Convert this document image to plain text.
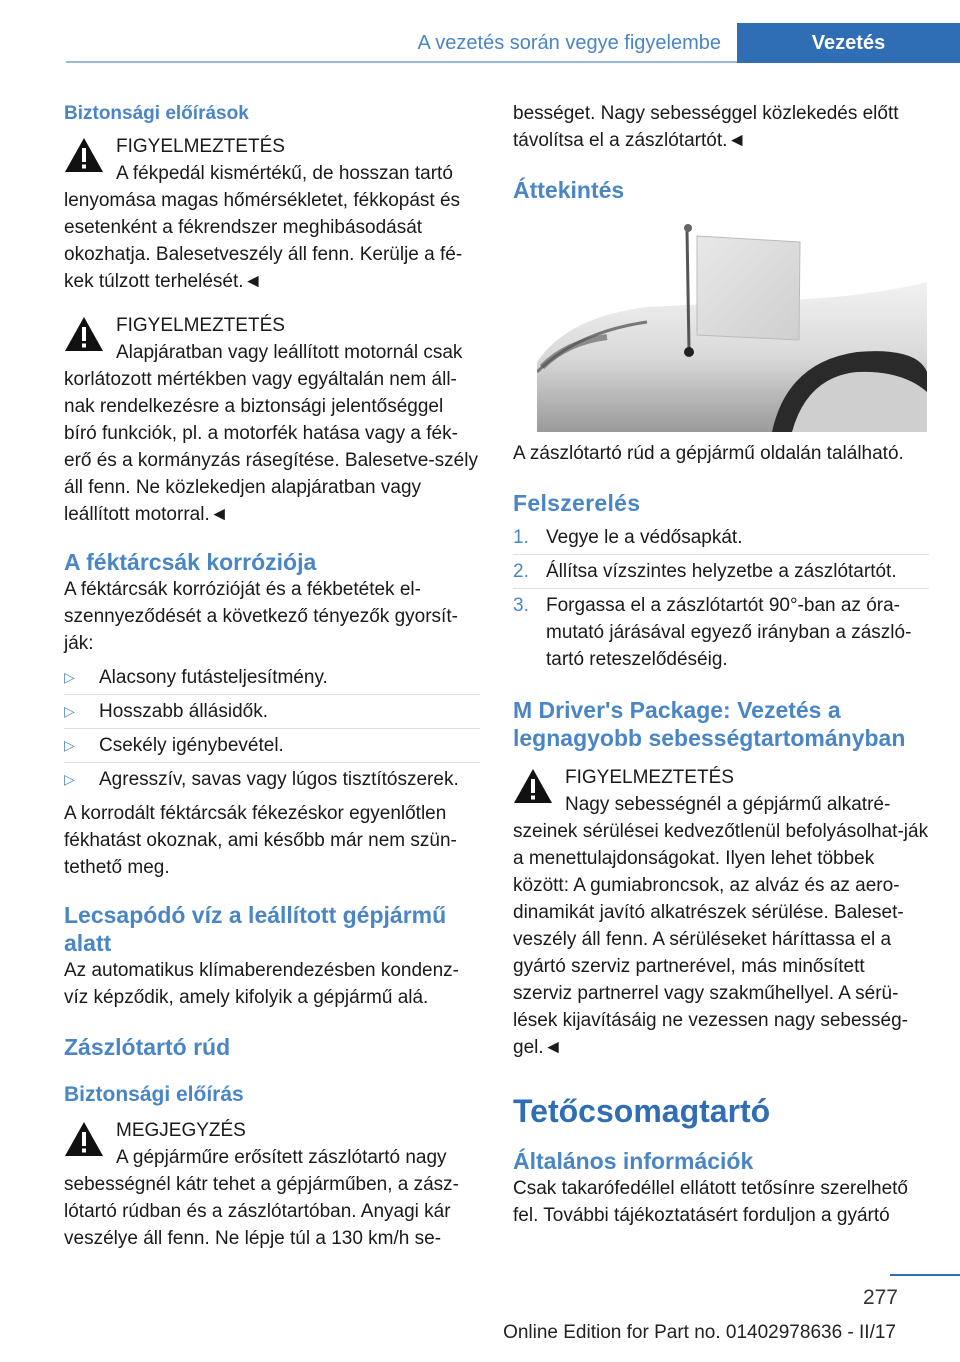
A vezetés során vegye figyelembe	Vezetés
Biztonsági előírások
FIGYELMEZTETÉS

A fékpedál kismértékű, de hosszan tartó lenyomása magas hőmérsékletet, fékkopást és esetenként a fékrendszer meghibásodását okozhatja. Balesetveszély áll fenn. Kerülje a fé-kek túlzott terhelését.◄

FIGYELMEZTETÉS

Alapjáratban vagy leállított motornál csak korlátozott mértékben vagy egyáltalán nem áll-nak rendelkezésre a biztonsági jelentőséggel bíró funkciók, pl. a motorfék hatása vagy a fék-erő és a kormányzás rásegítése. Balesetve-szély áll fenn. Ne közlekedjen alapjáratban vagy leállított motorral.◄

A féktárcsák korróziója

A féktárcsák korrózióját és a fékbetétek el-szennyeződését a következő tényezők gyorsít-ják:

▷ Alacsony futásteljesítmény.
▷ Hosszabb állásidők.
▷ Csekély igénybevétel.
▷ Agresszív, savas vagy lúgos tisztítószerek.

A korrodált féktárcsák fékezéskor egyenlőtlen fékhatást okoznak, ami később már nem szün-tethető meg.

Lecsapódó víz a leállított gépjármű alatt

Az automatikus klímaberendezésben kondenz-víz képződik, amely kifolyik a gépjármű alá.

Zászlótartó rúd
Biztonsági előírás
MEGJEGYZÉS

A gépjárműre erősített zászlótartó nagy sebességnél kátr tehet a gépjárműben, a zász-lótartó rúdban és a zászlótartóban. Anyagi kár veszélye áll fenn. Ne lépje túl a 130 km/h se-

bességet. Nagy sebességgel közlekedés előtt távolítsa el a zászlótartót.◄

Áttekintés

A zászlótartó rúd a gépjármű oldalán található.

Felszerelés
1. Vegye le a védősapkát.
2. Állítsa vízszintes helyzetbe a zászlótartót.
3. Forgassa el a zászlótartót 90°-ban az óra-mutató járásával egyező irányban a zászló-tartó reteszelődéséig.
M Driver's Package: Vezetés a legnagyobb sebességtartományban
FIGYELMEZTETÉS

Nagy sebességnél a gépjármű alkatré-szeinek sérülései kedvezőtlenül befolyásolhat-ják a menettulajdonságokat. Ilyen lehet többek között: A gumiabroncsok, az alváz és az aero-dinamikát javító alkatrészek sérülése. Baleset-veszély áll fenn. A sérüléseket háríttassa el a gyártó szerviz partnerével, más minősített szerviz partnerrel vagy szakműhellyel. A sérü-lések kijavításáig ne vezessen nagy sebesség-gel.◄

Tetőcsomagtartó
Általános információk

Csak takarófedéllel ellátott tetősínre szerelhető fel. További tájékoztatásért forduljon a gyártó

277
Online Edition for Part no. 01402978636 - II/17
